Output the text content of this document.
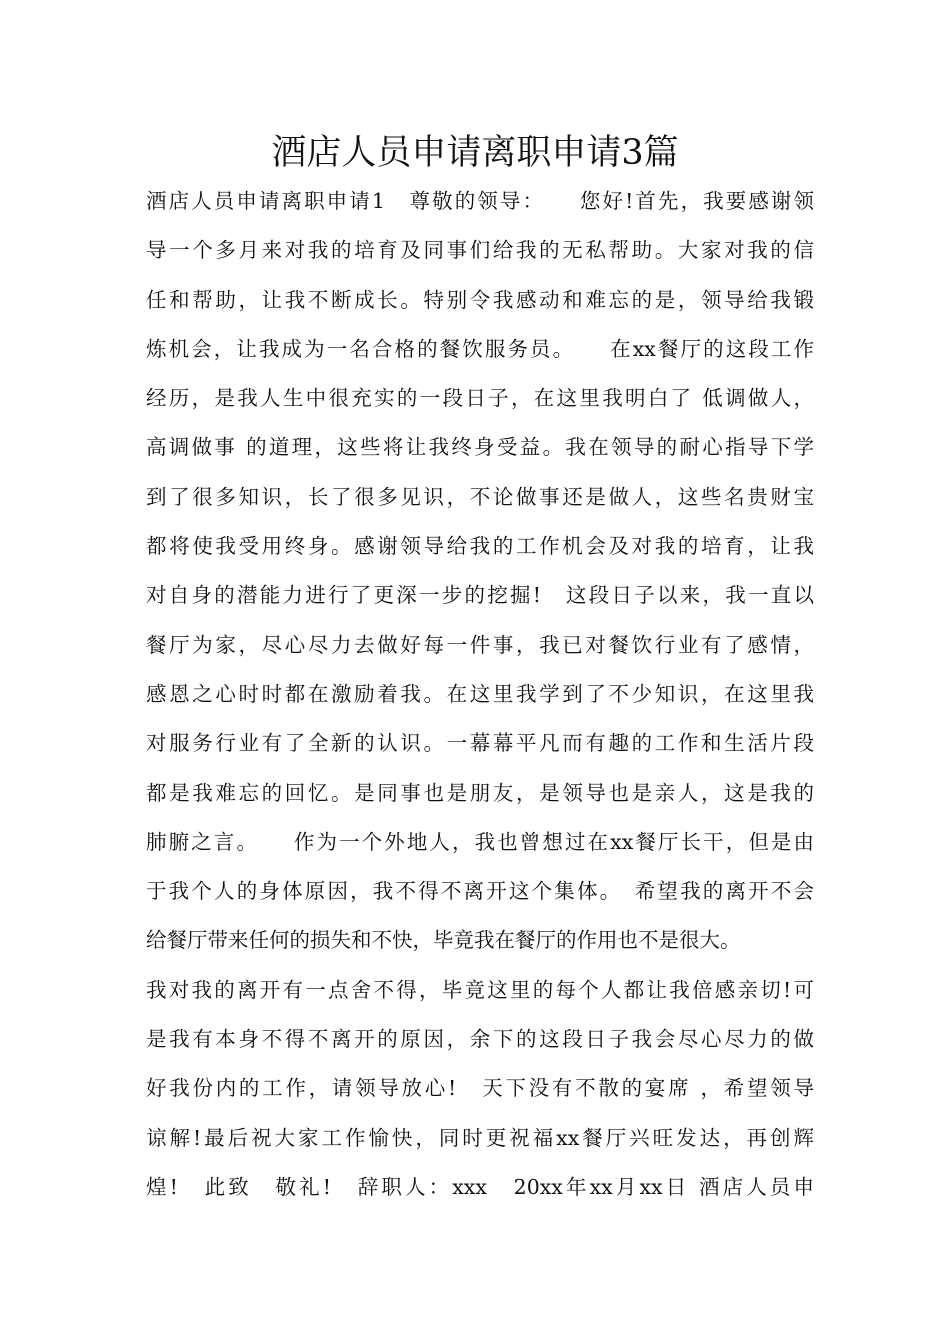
酒店人员申请离职申请3篇
酒店人员申请离职申请1　尊敬的领导：　　您好!首先，我要感谢领
导一个多月来对我的培育及同事们给我的无私帮助。大家对我的信
任和帮助，让我不断成长。特别令我感动和难忘的是，领导给我锻
炼机会，让我成为一名合格的餐饮服务员。　　在xx餐厅的这段工作
经历，是我人生中很充实的一段日子，在这里我明白了 低调做人，
高调做事 的道理，这些将让我终身受益。我在领导的耐心指导下学
到了很多知识，长了很多见识，不论做事还是做人，这些名贵财宝
都将使我受用终身。感谢领导给我的工作机会及对我的培育，让我
对自身的潜能力进行了更深一步的挖掘!　这段日子以来，我一直以
餐厅为家，尽心尽力去做好每一件事，我已对餐饮行业有了感情，
感恩之心时时都在激励着我。在这里我学到了不少知识，在这里我
对服务行业有了全新的认识。一幕幕平凡而有趣的工作和生活片段
都是我难忘的回忆。是同事也是朋友，是领导也是亲人，这是我的
肺腑之言。　　作为一个外地人，我也曾想过在xx餐厅长干，但是由
于我个人的身体原因，我不得不离开这个集体。　希望我的离开不会
给餐厅带来任何的损失和不快，毕竟我在餐厅的作用也不是很大。
我对我的离开有一点舍不得，毕竟这里的每个人都让我倍感亲切!可
是我有本身不得不离开的原因，余下的这段日子我会尽心尽力的做
好我份内的工作，请领导放心!　天下没有不散的宴席 ，希望领导
谅解!最后祝大家工作愉快，同时更祝福xx餐厅兴旺发达，再创辉
煌!　此致　敬礼!　辞职人：xxx　20xx年xx月xx日 酒店人员申
